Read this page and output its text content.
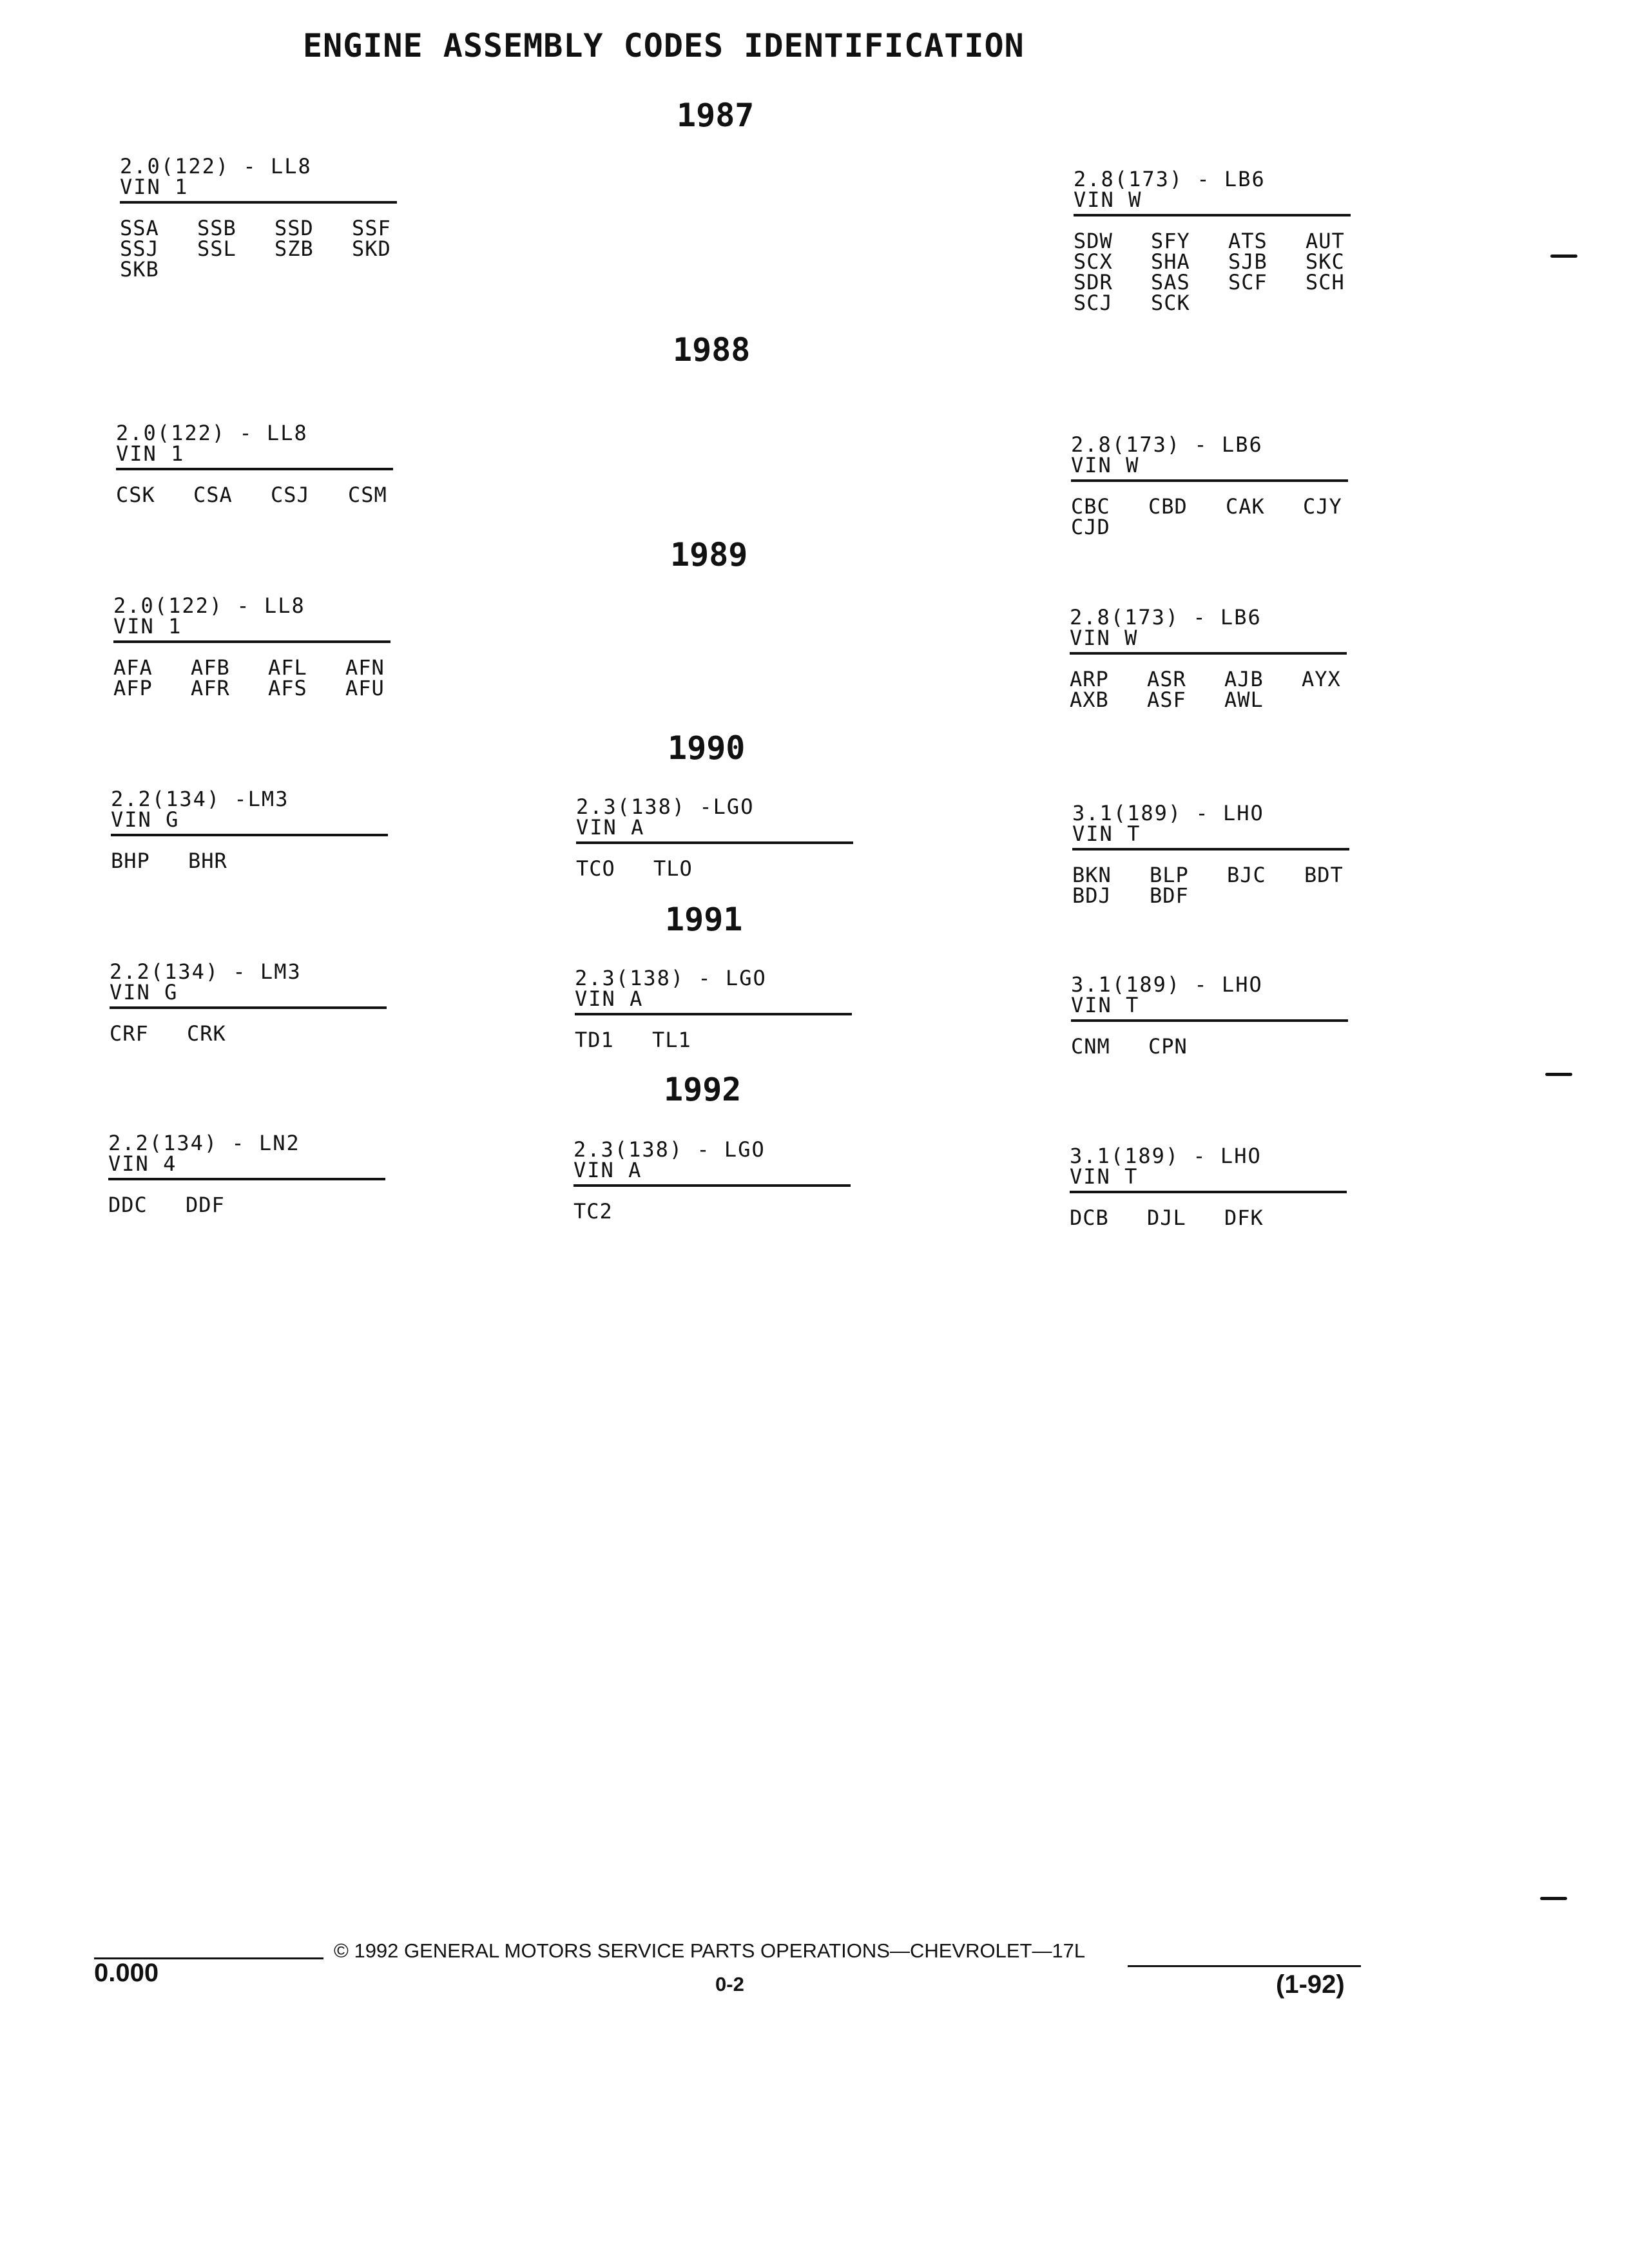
ENGINE ASSEMBLY CODES IDENTIFICATION
1987
1988
1989
1990
1991
1992
2.0(122) - LL8
VIN 1
SSA	SSB	SSD	SSF
SSJ	SSL	SZB	SKD
SKB
2.8(173) - LB6
VIN W
SDW	SFY	ATS	AUT
SCX	SHA	SJB	SKC
SDR	SAS	SCF	SCH
SCJ	SCK
2.0(122) - LL8
VIN 1
CSK	CSA	CSJ	CSM
2.8(173) - LB6
VIN W
CBC	CBD	CAK	CJY
CJD
2.0(122) - LL8
VIN 1
AFA	AFB	AFL	AFN
AFP	AFR	AFS	AFU
2.8(173) - LB6
VIN W
ARP	ASR	AJB	AYX
AXB	ASF	AWL
2.2(134) -LM3
VIN G
BHP	BHR
2.3(138) -LGO
VIN A
TCO	TLO
3.1(189) - LHO
VIN T
BKN	BLP	BJC	BDT
BDJ	BDF
2.2(134) - LM3
VIN G
CRF	CRK
2.3(138) - LGO
VIN A
TD1	TL1
3.1(189) - LHO
VIN T
CNM	CPN
2.2(134) - LN2
VIN 4
DDC	DDF
2.3(138) - LGO
VIN A
TC2
3.1(189) - LHO
VIN T
DCB	DJL	DFK
© 1992 GENERAL MOTORS SERVICE PARTS OPERATIONS—CHEVROLET—17L
0.000	0-2	(1-92)
